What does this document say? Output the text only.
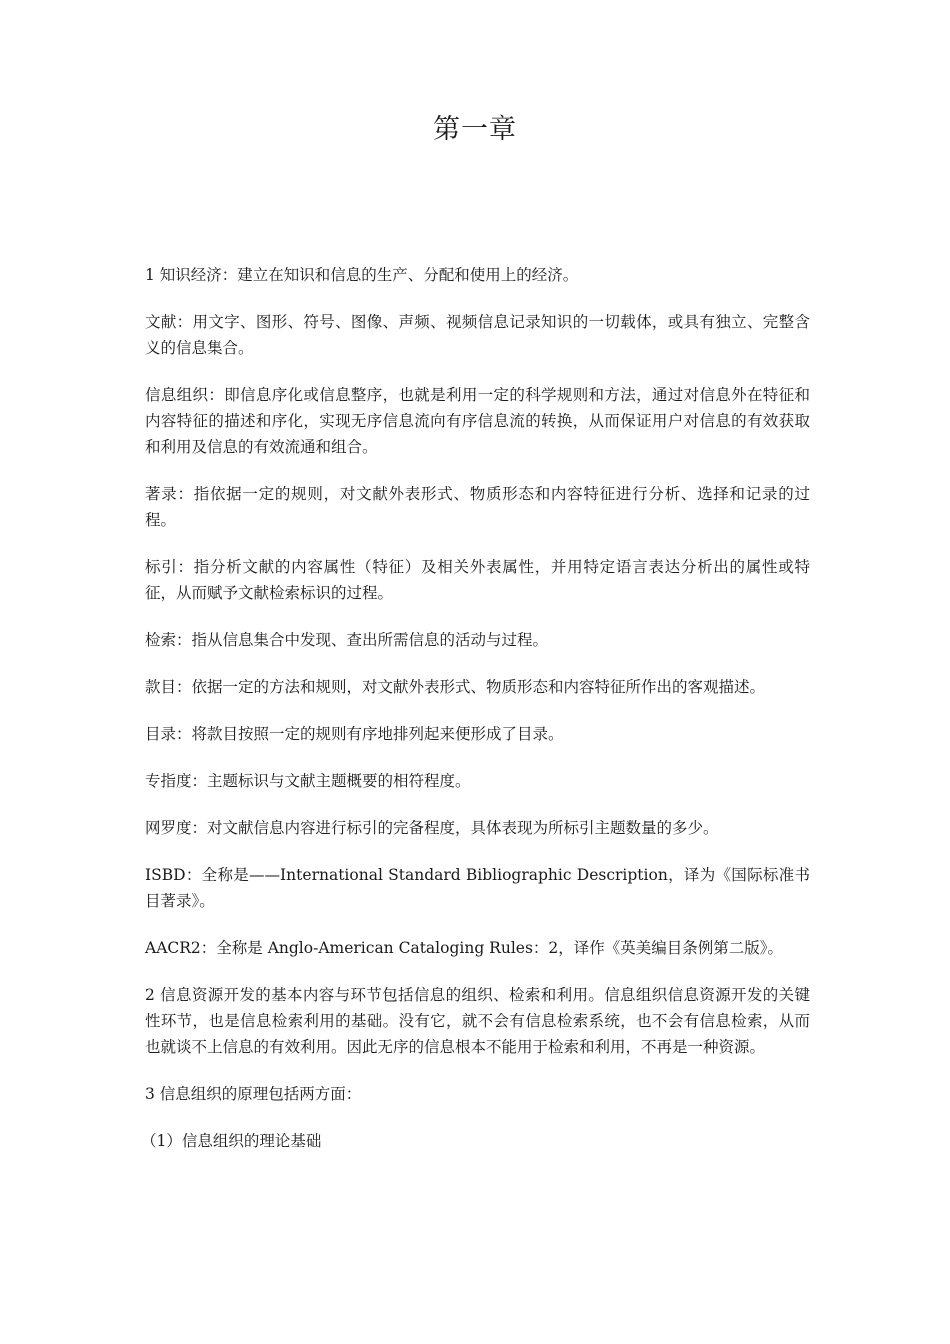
第一章

1 知识经济：建立在知识和信息的生产、分配和使用上的经济。

文献：用文字、图形、符号、图像、声频、视频信息记录知识的一切载体，或具有独立、完整含义的信息集合。

信息组织：即信息序化或信息整序，也就是利用一定的科学规则和方法，通过对信息外在特征和内容特征的描述和序化，实现无序信息流向有序信息流的转换，从而保证用户对信息的有效获取和利用及信息的有效流通和组合。

著录：指依据一定的规则，对文献外表形式、物质形态和内容特征进行分析、选择和记录的过程。

标引：指分析文献的内容属性（特征）及相关外表属性，并用特定语言表达分析出的属性或特征，从而赋予文献检索标识的过程。

检索：指从信息集合中发现、查出所需信息的活动与过程。

款目：依据一定的方法和规则，对文献外表形式、物质形态和内容特征所作出的客观描述。

目录：将款目按照一定的规则有序地排列起来便形成了目录。

专指度：主题标识与文献主题概要的相符程度。

网罗度：对文献信息内容进行标引的完备程度，具体表现为所标引主题数量的多少。

ISBD：全称是——International Standard Bibliographic Description，译为《国际标准书目著录》。

AACR2：全称是 Anglo-American Cataloging Rules：2，译作《英美编目条例第二版》。

2 信息资源开发的基本内容与环节包括信息的组织、检索和利用。信息组织信息资源开发的关键性环节，也是信息检索利用的基础。没有它，就不会有信息检索系统，也不会有信息检索，从而也就谈不上信息的有效利用。因此无序的信息根本不能用于检索和利用，不再是一种资源。

3 信息组织的原理包括两方面：

（1）信息组织的理论基础
